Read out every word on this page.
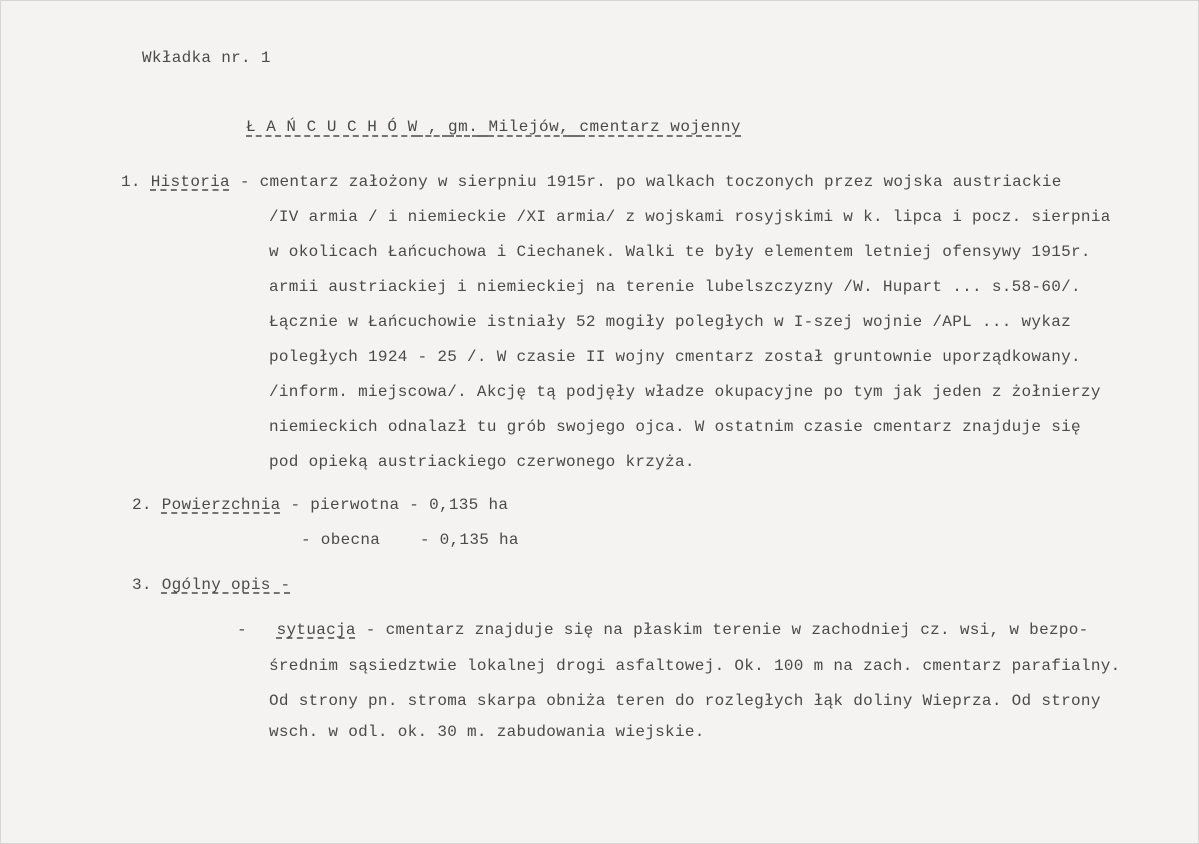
Wkładka nr. 1
Ł A Ń C U C H Ó W , gm. Milejów, cmentarz wojenny
1. Historia - cmentarz założony w sierpniu 1915r. po walkach toczonych przez wojska austriackie
/IV armia / i niemieckie /XI armia/ z wojskami rosyjskimi w k. lipca i pocz. sierpnia
w okolicach Łańcuchowa i Ciechanek. Walki te były elementem letniej ofensywy 1915r.
armii austriackiej i niemieckiej na terenie lubelszczyzny /W. Hupart ... s.58-60/.
Łącznie w Łańcuchowie istniały 52 mogiły poległych w I-szej wojnie /APL ... wykaz
poległych 1924 - 25 /. W czasie II wojny cmentarz został gruntownie uporządkowany.
/inform. miejscowa/. Akcję tą podjęły władze okupacyjne po tym jak jeden z żołnierzy
niemieckich odnalazł tu grób swojego ojca. W ostatnim czasie cmentarz znajduje się
pod opieką austriackiego czerwonego krzyża.
2. Powierzchnia - pierwotna - 0,135 ha
- obecna    - 0,135 ha
3. Ogólny opis -
- sytuacja - cmentarz znajduje się na płaskim terenie w zachodniej cz. wsi, w bezpo-
średnim sąsiedztwie lokalnej drogi asfaltowej. Ok. 100 m na zach. cmentarz parafialny.
Od strony pn. stroma skarpa obniża teren do rozległych łąk doliny Wieprza. Od strony
wsch. w odl. ok. 30 m. zabudowania wiejskie.
